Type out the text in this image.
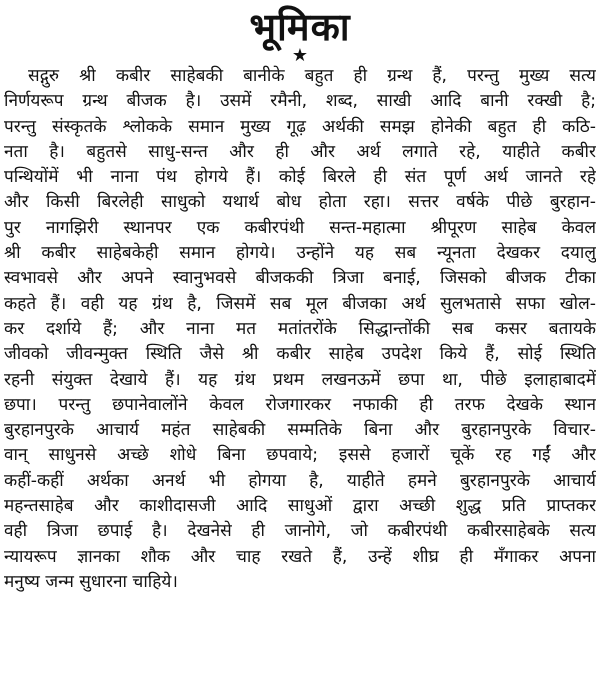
भूमिका
★
सद्गुरु श्री कबीर साहेबकी बानीके बहुत ही ग्रन्थ हैं, परन्तु मुख्य सत्य
निर्णयरूप ग्रन्थ बीजक है। उसमें रमैनी, शब्द, साखी आदि बानी रक्खी है;
परन्तु संस्कृतके श्लोकके समान मुख्य गूढ़ अर्थकी समझ होनेकी बहुत ही कठि-
नता है। बहुतसे साधु-सन्त और ही और अर्थ लगाते रहे, याहीते कबीर
पन्थियोंमें भी नाना पंथ होगये हैं। कोई बिरले ही संत पूर्ण अर्थ जानते रहे
और किसी बिरलेही साधुको यथार्थ बोध होता रहा। सत्तर वर्षके पीछे बुरहान-
पुर नागझिरी स्थानपर एक कबीरपंथी सन्त-महात्मा श्रीपूरण साहेब केवल
श्री कबीर साहेबकेही समान होगये। उन्होंने यह सब न्यूनता देखकर दयालु
स्वभावसे और अपने स्वानुभवसे बीजककी त्रिजा बनाई, जिसको बीजक टीका
कहते हैं। वही यह ग्रंथ है, जिसमें सब मूल बीजका अर्थ सुलभतासे सफा खोल-
कर दर्शाये हैं; और नाना मत मतांतरोंके सिद्धान्तोंकी सब कसर बतायके
जीवको जीवन्मुक्त स्थिति जैसे श्री कबीर साहेब उपदेश किये हैं, सोई स्थिति
रहनी संयुक्त देखाये हैं। यह ग्रंथ प्रथम लखनऊमें छपा था, पीछे इलाहाबादमें
छपा। परन्तु छपानेवालोंने केवल रोजगारकर नफाकी ही तरफ देखके स्थान
बुरहानपुरके आचार्य महंत साहेबकी सम्मतिके बिना और बुरहानपुरके विचार-
वान् साधुनसे अच्छे शोधे बिना छपवाये; इससे हजारों चूकें रह गईं और
कहीं-कहीं अर्थका अनर्थ भी होगया है, याहीते हमने बुरहानपुरके आचार्य
महन्तसाहेब और काशीदासजी आदि साधुओं द्वारा अच्छी शुद्ध प्रति प्राप्तकर
वही त्रिजा छपाई है। देखनेसे ही जानोगे, जो कबीरपंथी कबीरसाहेबके सत्य
न्यायरूप ज्ञानका शौक और चाह रखते हैं, उन्हें शीघ्र ही मँगाकर अपना
मनुष्य जन्म सुधारना चाहिये।
